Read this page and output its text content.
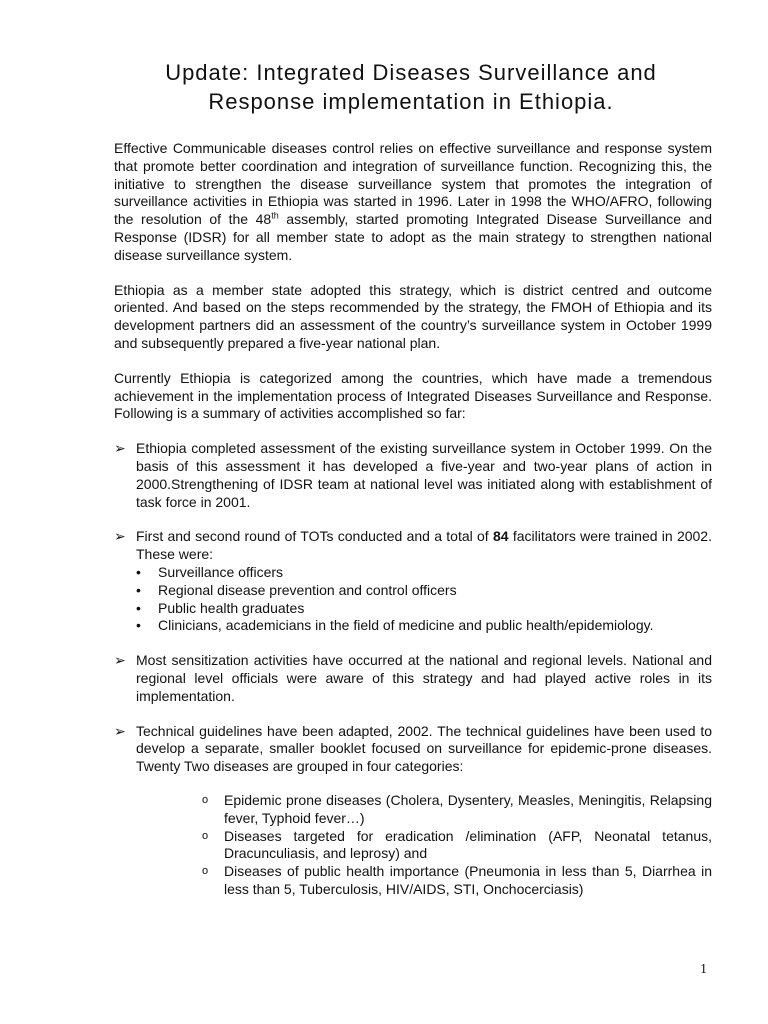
Update: Integrated Diseases Surveillance and
Response implementation in Ethiopia.

Effective Communicable diseases control relies on effective surveillance and response system that promote better coordination and integration of surveillance function. Recognizing this, the initiative to strengthen the disease surveillance system that promotes the integration of surveillance activities in Ethiopia was started in 1996. Later in 1998 the WHO/AFRO, following the resolution of the 48th assembly, started promoting Integrated Disease Surveillance and Response (IDSR) for all member state to adopt as the main strategy to strengthen national disease surveillance system.

Ethiopia as a member state adopted this strategy, which is district centred and outcome oriented. And based on the steps recommended by the strategy, the FMOH of Ethiopia and its development partners did an assessment of the country’s surveillance system in October 1999 and subsequently prepared a five-year national plan.

Currently Ethiopia is categorized among the countries, which have made a tremendous achievement in the implementation process of Integrated Diseases Surveillance and Response. Following is a summary of activities accomplished so far:

➢ Ethiopia completed assessment of the existing surveillance system in October 1999. On the basis of this assessment it has developed a five-year and two-year plans of action in 2000.Strengthening of IDSR team at national level was initiated along with establishment of task force in 2001.
➢ First and second round of TOTs conducted and a total of 84 facilitators were trained in 2002. These were:
• Surveillance officers
• Regional disease prevention and control officers
• Public health graduates
• Clinicians, academicians in the field of medicine and public health/epidemiology.
➢ Most sensitization activities have occurred at the national and regional levels. National and regional level officials were aware of this strategy and had played active roles in its implementation.
➢ Technical guidelines have been adapted, 2002. The technical guidelines have been used to develop a separate, smaller booklet focused on surveillance for epidemic-prone diseases. Twenty Two diseases are grouped in four categories:
o Epidemic prone diseases (Cholera, Dysentery, Measles, Meningitis, Relapsing fever, Typhoid fever…)
o Diseases targeted for eradication /elimination (AFP, Neonatal tetanus, Dracunculiasis, and leprosy) and
o Diseases of public health importance (Pneumonia in less than 5, Diarrhea in less than 5, Tuberculosis, HIV/AIDS, STI, Onchocerciasis)
1
